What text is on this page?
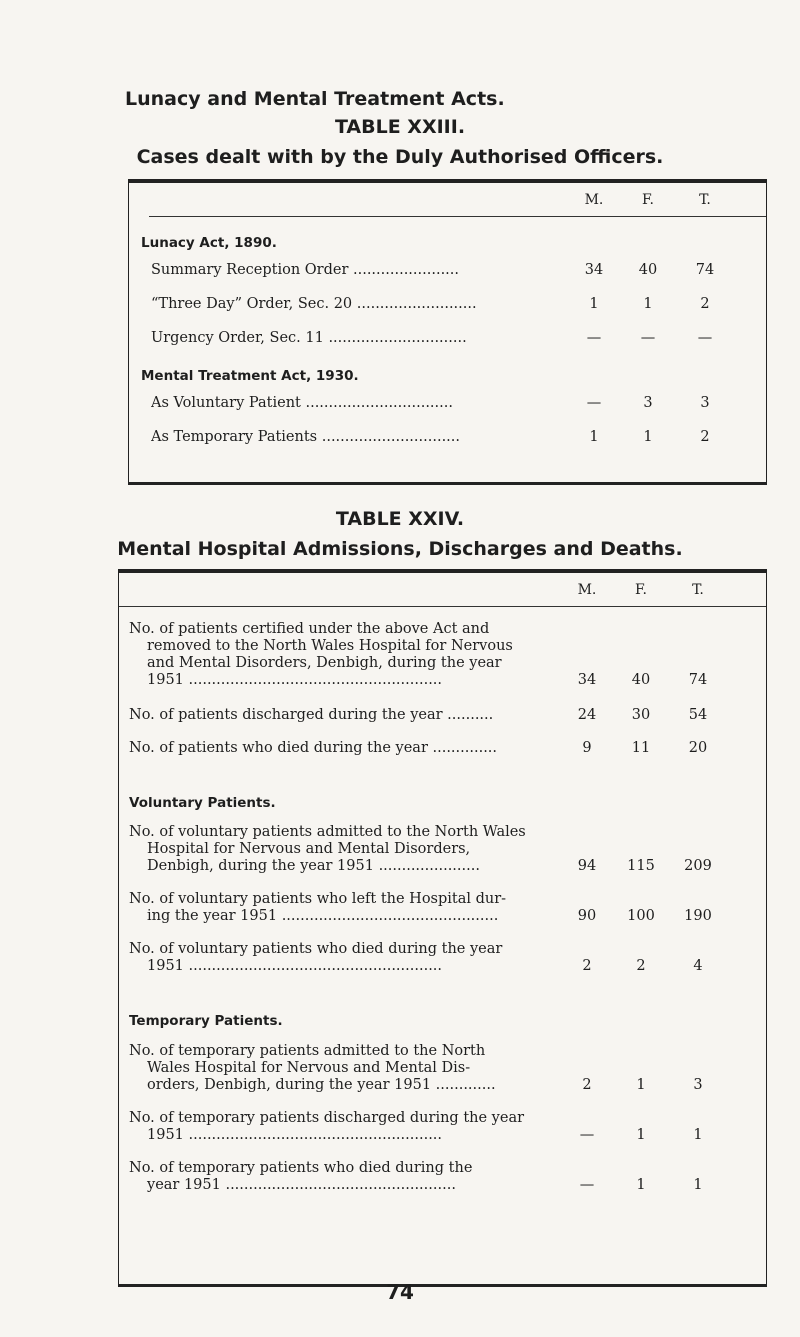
Lunacy and Mental Treatment Acts.
TABLE XXIII.
Cases dealt with by the Duly Authorised Officers.
M.	F.	T.
Lunacy Act, 1890.
Summary Reception Order .......................	34	40	74
“Three Day” Order, Sec. 20 ..........................	1	1	2
Urgency Order, Sec. 11 ..............................	—	—	—
Mental Treatment Act, 1930.
As Voluntary Patient ................................	—	3	3
As Temporary Patients ..............................	1	1	2
TABLE XXIV.
Mental Hospital Admissions, Discharges and Deaths.
M.	F.	T.
No. of patients certified under the above Act and
removed to the North Wales Hospital for Nervous
and Mental Disorders, Denbigh, during the year
1951 .......................................................	34	40	74
No. of patients discharged during the year ..........	24	30	54
No. of patients who died during the year ..............	9	11	20
Voluntary Patients.
No. of voluntary patients admitted to the North Wales
Hospital for Nervous and Mental Disorders,
Denbigh, during the year 1951 ......................	94	115	209
No. of voluntary patients who left the Hospital dur-
ing the year 1951 ...............................................	90	100	190
No. of voluntary patients who died during the year
1951 .......................................................	2	2	4
Temporary Patients.
No. of temporary patients admitted to the North
Wales Hospital for Nervous and Mental Dis-
orders, Denbigh, during the year 1951 .............	2	1	3
No. of temporary patients discharged during the year
1951 .......................................................	—	1	1
No. of temporary patients who died during the
year 1951 ..................................................	—	1	1
74
